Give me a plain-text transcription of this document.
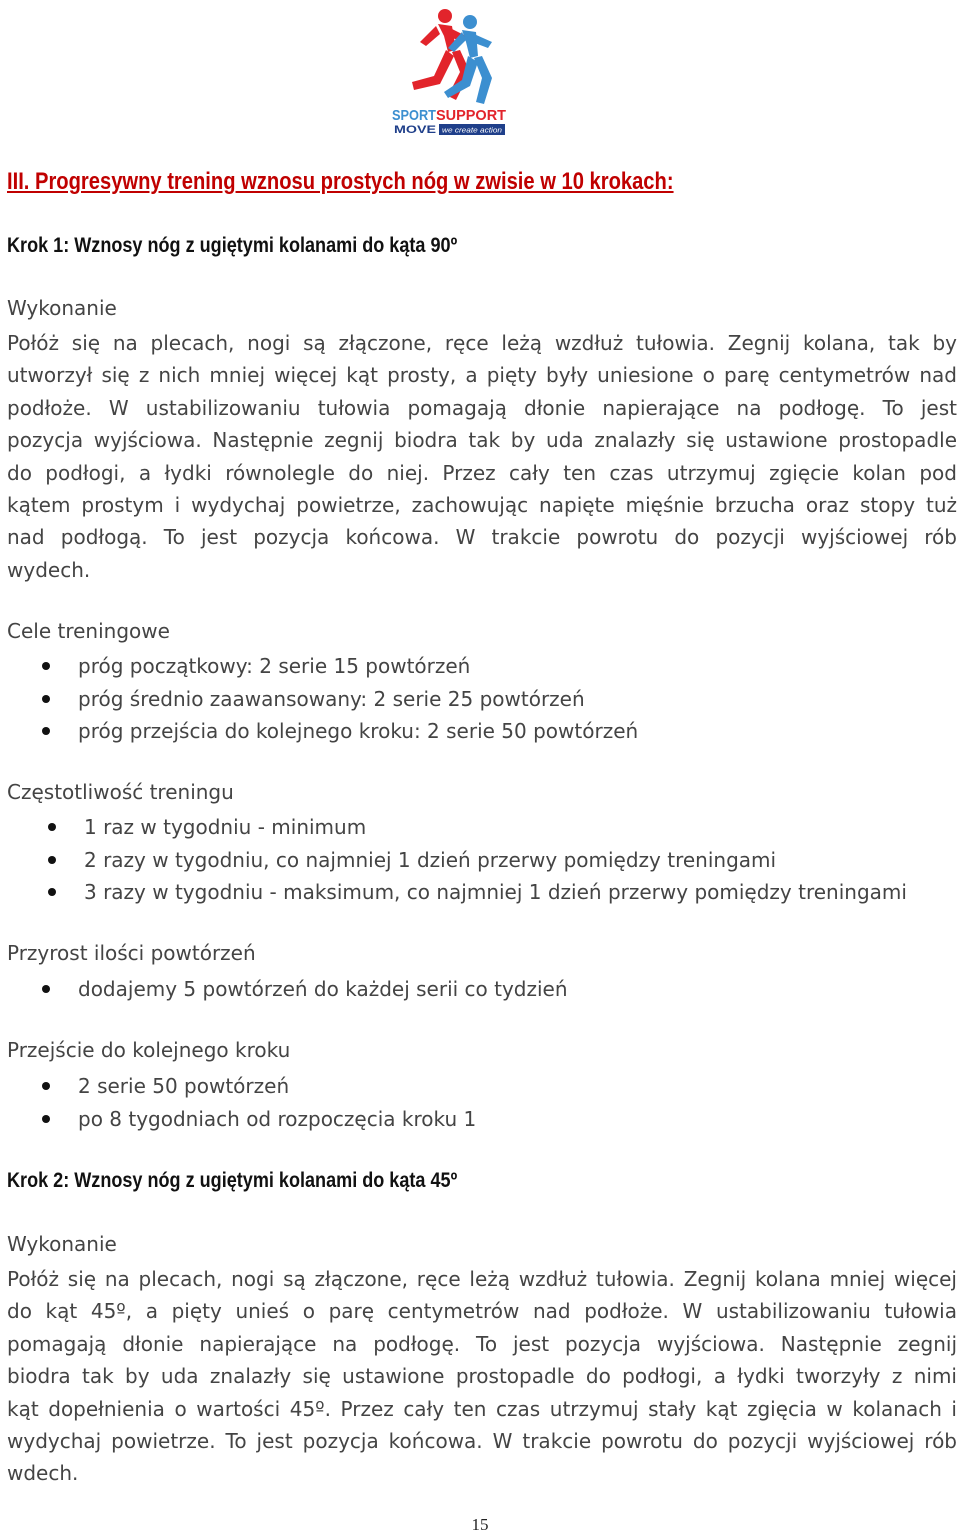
SPORT SUPPORT
MOVE we create action
III. Progresywny trening wznosu prostych nóg w zwisie w 10 krokach:
Krok 1: Wznosy nóg z ugiętymi kolanami do kąta 90º
Wykonanie
Połóż się na plecach, nogi są złączone, ręce leżą wzdłuż tułowia. Zegnij kolana, tak by
utworzył się z nich mniej więcej kąt prosty, a pięty były uniesione o parę centymetrów nad
podłoże. W ustabilizowaniu tułowia pomagają dłonie napierające na podłogę. To jest
pozycja wyjściowa. Następnie zegnij biodra tak by uda znalazły się ustawione prostopadle
do podłogi, a łydki równolegle do niej. Przez cały ten czas utrzymuj zgięcie kolan pod
kątem prostym i wydychaj powietrze, zachowując napięte mięśnie brzucha oraz stopy tuż
nad podłogą. To jest pozycja końcowa. W trakcie powrotu do pozycji wyjściowej rób
wydech.
Cele treningowe
próg początkowy: 2 serie 15 powtórzeń
próg średnio zaawansowany: 2 serie 25 powtórzeń
próg przejścia do kolejnego kroku: 2 serie 50 powtórzeń
Częstotliwość treningu
1 raz w tygodniu - minimum
2 razy w tygodniu, co najmniej 1 dzień przerwy pomiędzy treningami
3 razy w tygodniu - maksimum, co najmniej 1 dzień przerwy pomiędzy treningami
Przyrost ilości powtórzeń
dodajemy 5 powtórzeń do każdej serii co tydzień
Przejście do kolejnego kroku
2 serie 50 powtórzeń
po 8 tygodniach od rozpoczęcia kroku 1
Krok 2: Wznosy nóg z ugiętymi kolanami do kąta 45º
Wykonanie
Połóż się na plecach, nogi są złączone, ręce leżą wzdłuż tułowia. Zegnij kolana mniej więcej
do kąt 45º, a pięty unieś o parę centymetrów nad podłoże. W ustabilizowaniu tułowia
pomagają dłonie napierające na podłogę. To jest pozycja wyjściowa. Następnie zegnij
biodra tak by uda znalazły się ustawione prostopadle do podłogi, a łydki tworzyły z nimi
kąt dopełnienia o wartości 45º. Przez cały ten czas utrzymuj stały kąt zgięcia w kolanach i
wydychaj powietrze. To jest pozycja końcowa. W trakcie powrotu do pozycji wyjściowej rób
wdech.
15
